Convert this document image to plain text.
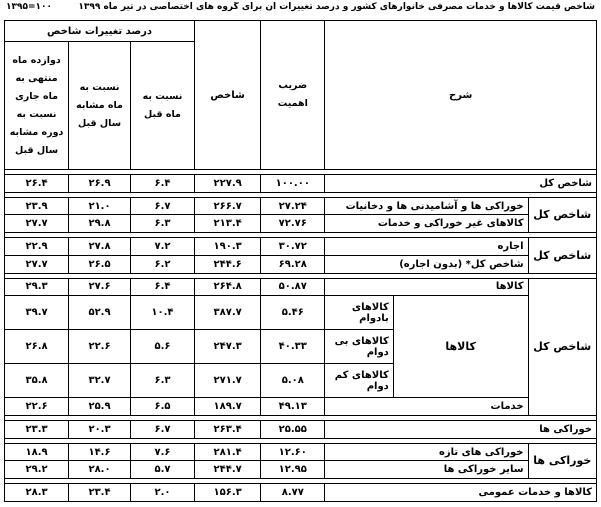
شاخص قیمت کالاها و خدمات مصرفی خانوارهای کشور و درصد تغییرات آن برای گروه های اختصاصی در تیر ماه ۱۳۹۹
۱۳۹۵=۱۰۰
شرح			ضریب اهمیت	شاخص	درصد تغییرات شاخص		
					نسبت به ماه قبل	نسبت به ماه مشابه سال قبل	دوازده ماه منتهی به ماه جاری نسبت به دوره مشابه سال قبل

شاخص کل			۱۰۰.۰۰	۲۲۷.۹	۶.۴	۲۶.۹	۲۶.۴

شاخص کل	خوراکی ها و آشامیدنی ها و دخانیات		۲۷.۲۴	۲۶۶.۷	۶.۷	۲۱.۰	۲۳.۹
	کالاهای غیر خوراکی و خدمات		۷۲.۷۶	۲۱۳.۴	۶.۳	۲۹.۸	۲۷.۷

شاخص کل	اجاره		۳۰.۷۲	۱۹۰.۳	۷.۲	۲۷.۸	۲۲.۹
	شاخص کل* (بدون اجاره)		۶۹.۲۸	۲۴۴.۶	۶.۲	۲۶.۵	۲۷.۷

شاخص کل	کالاها		۵۰.۸۷	۲۶۴.۸	۶.۴	۲۷.۶	۲۹.۳
	کالاها	کالاهای بادوام	۵.۴۶	۳۸۷.۷	۱۰.۴	۵۲.۹	۳۹.۷
		کالاهای بی دوام	۴۰.۳۳	۲۴۷.۳	۵.۶	۲۲.۶	۲۶.۸
		کالاهای کم دوام	۵.۰۸	۲۷۱.۷	۶.۳	۳۲.۷	۳۵.۸
	خدمات		۴۹.۱۳	۱۸۹.۷	۶.۵	۲۵.۹	۲۲.۶

خوراکی ها			۲۵.۵۵	۲۶۳.۴	۶.۷	۲۰.۳	۲۳.۳

خوراکی ها	خوراکی های تازه		۱۲.۶۰	۲۸۱.۴	۷.۶	۱۴.۶	۱۸.۹
	سایر خوراکی ها		۱۲.۹۵	۲۴۴.۷	۵.۷	۲۸.۰	۲۹.۲

کالاها و خدمات عمومی			۸.۷۷	۱۵۶.۳	۲.۰	۲۳.۴	۲۸.۳
